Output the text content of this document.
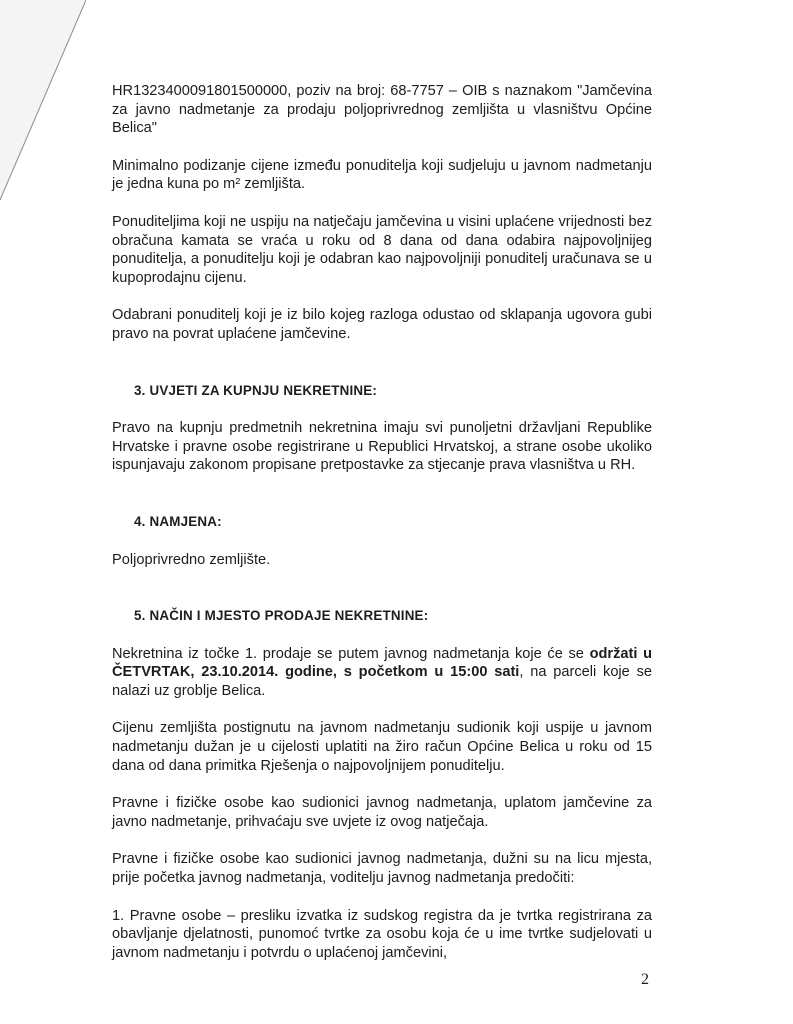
HR1323400091801500000, poziv na broj: 68-7757 – OIB s naznakom "Jamčevina za javno nadmetanje za prodaju poljoprivrednog zemljišta u vlasništvu Općine Belica"

Minimalno podizanje cijene između ponuditelja koji sudjeluju u javnom nadmetanju je jedna kuna po m² zemljišta.

Ponuditeljima koji ne uspiju na natječaju jamčevina u visini uplaćene vrijednosti bez obračuna kamata se vraća u roku od 8 dana od dana odabira najpovoljnijeg ponuditelja, a ponuditelju koji je odabran kao najpovoljniji ponuditelj uračunava se u kupoprodajnu cijenu.

Odabrani ponuditelj koji je iz bilo kojeg razloga odustao od sklapanja ugovora gubi pravo na povrat uplaćene jamčevine.

3. UVJETI ZA KUPNJU NEKRETNINE:

Pravo na kupnju predmetnih nekretnina imaju svi punoljetni državljani Republike Hrvatske i pravne osobe registrirane u Republici Hrvatskoj, a strane osobe ukoliko ispunjavaju zakonom propisane pretpostavke za stjecanje prava vlasništva u RH.

4. NAMJENA:

Poljoprivredno zemljište.

5. NAČIN I MJESTO PRODAJE NEKRETNINE:

Nekretnina iz točke 1. prodaje se putem javnog nadmetanja koje će se održati u ČETVRTAK, 23.10.2014. godine, s početkom u 15:00 sati, na parceli koje se nalazi uz groblje Belica.

Cijenu zemljišta postignutu na javnom nadmetanju sudionik koji uspije u javnom nadmetanju dužan je u cijelosti uplatiti na žiro račun Općine Belica u roku od 15 dana od dana primitka Rješenja o najpovoljnijem ponuditelju.

Pravne i fizičke osobe kao sudionici javnog nadmetanja, uplatom jamčevine za javno nadmetanje, prihvaćaju sve uvjete iz ovog natječaja.

Pravne i fizičke osobe kao sudionici javnog nadmetanja, dužni su na licu mjesta, prije početka javnog nadmetanja, voditelju javnog nadmetanja predočiti:

1. Pravne osobe – presliku izvatka iz sudskog registra da je tvrtka registrirana za obavljanje djelatnosti, punomoć tvrtke za osobu koja će u ime tvrtke sudjelovati u javnom nadmetanju i potvrdu o uplaćenoj jamčevini,

2
